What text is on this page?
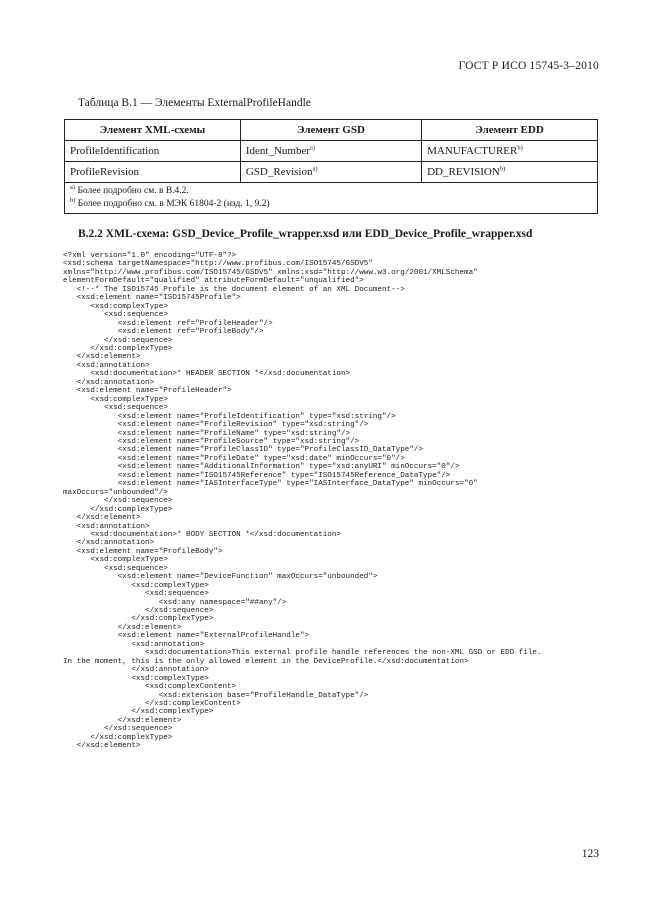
ГОСТ Р ИСО 15745-3–2010
Таблица В.1 — Элементы ExternalProfileHandle
Элемент XML-схемы	Элемент GSD	Элемент EDD
ProfileIdentification	Ident_Number$^{a)}$	MANUFACTURER$^{b)}$
ProfileRevision	GSD_Revision$^{a)}$	DD_REVISION$^{b)}$

$^{a)}$ Более подробно см. в В.4.2.
$^{b)}$ Более подробно см. в МЭК 61804-2 (изд. 1, 9.2)		
В.2.2 XML-схема: GSD_Device_Profile_wrapper.xsd или EDD_Device_Profile_wrapper.xsd
<?xml version="1.0" encoding="UTF-8"?>
<xsd:schema targetNamespace="http://www.profibus.com/ISO15745/GSDV5"
xmlns="http://www.profibus.com/ISO15745/GSDV5" xmlns:xsd="http://www.w3.org/2001/XMLSchema"
elementFormDefault="qualified" attributeFormDefault="unqualified">
<!--* The ISO15745 Profile is the document element of an XML Document-->
<xsd:element name="ISO15745Profile">
<xsd:complexType>
<xsd:sequence>
<xsd:element ref="ProfileHeader"/>
<xsd:element ref="ProfileBody"/>
</xsd:sequence>
</xsd:complexType>
</xsd:element>
<xsd:annotation>
<xsd:documentation>* HEADER SECTION *</xsd:documentation>
</xsd:annotation>
<xsd:element name="ProfileHeader">
<xsd:complexType>
<xsd:sequence>
<xsd:element name="ProfileIdentification" type="xsd:string"/>
<xsd:element name="ProfileRevision" type="xsd:string"/>
<xsd:element name="ProfileName" type="xsd:string"/>
<xsd:element name="ProfileSource" type="xsd:string"/>
<xsd:element name="ProfileClassID" type="ProfileClassID_DataType"/>
<xsd:element name="ProfileDate" type="xsd:date" minOccurs="0"/>
<xsd:element name="AdditionalInformation" type="xsd:anyURI" minOccurs="0"/>
<xsd:element name="ISO15745Reference" type="ISO15745Reference_DataType"/>
<xsd:element name="IASInterfaceType" type="IASInterface_DataType" minOccurs="0"
maxOccurs="unbounded"/>
</xsd:sequence>
</xsd:complexType>
</xsd:element>
<xsd:annotation>
<xsd:documentation>* BODY SECTION *</xsd:documentation>
</xsd:annotation>
<xsd:element name="ProfileBody">
<xsd:complexType>
<xsd:sequence>
<xsd:element name="DeviceFunction" maxOccurs="unbounded">
<xsd:complexType>
<xsd:sequence>
<xsd:any namespace="##any"/>
</xsd:sequence>
</xsd:complexType>
</xsd:element>
<xsd:element name="ExternalProfileHandle">
<xsd:annotation>
<xsd:documentation>This external profile handle references the non-XML GSD or EDD file.
In the moment, this is the only allowed element in the DeviceProfile.</xsd:documentation>
</xsd:annotation>
<xsd:complexType>
<xsd:complexContent>
<xsd:extension base="ProfileHandle_DataType"/>
</xsd:complexContent>
</xsd:complexType>
</xsd:element>
</xsd:sequence>
</xsd:complexType>
</xsd:element>
123
